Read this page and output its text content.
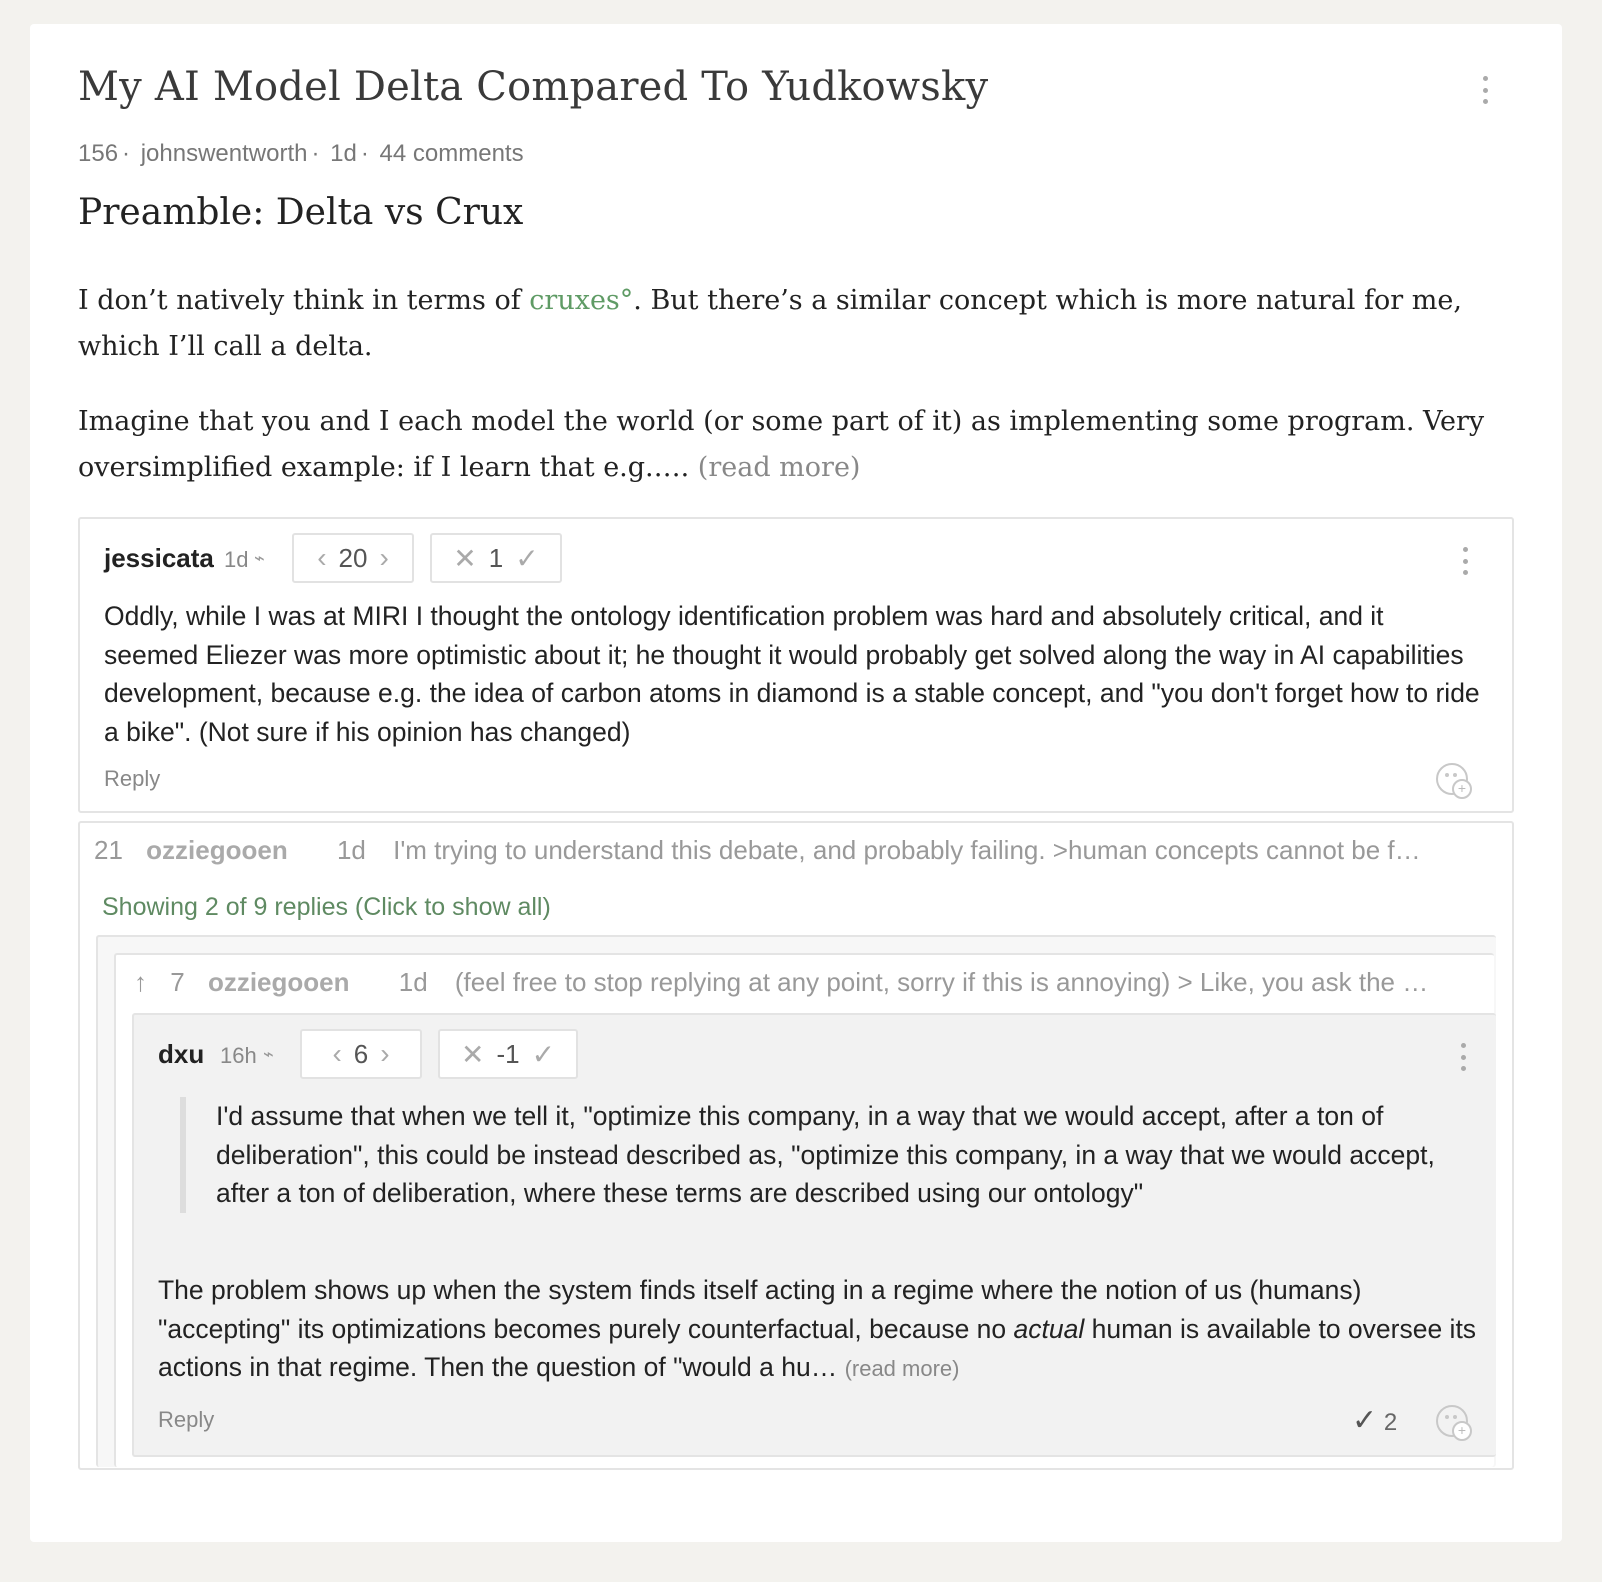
My AI Model Delta Compared To Yudkowsky
156 · johnswentworth · 1d · 44 comments
Preamble: Delta vs Crux

I don’t natively think in terms of cruxes°. But there’s a similar concept which is more natural for me, which I’ll call a delta.

Imagine that you and I each model the world (or some part of it) as implementing some program. Very oversimplified example: if I learn that e.g.…. (read more)

jessicata 1d ⌁ ‹ 20 › ✕ 1 ✓

Oddly, while I was at MIRI I thought the ontology identification problem was hard and absolutely critical, and it seemed Eliezer was more optimistic about it; he thought it would probably get solved along the way in AI capabilities development, because e.g. the idea of carbon atoms in diamond is a stable concept, and "you don't forget how to ride a bike". (Not sure if his opinion has changed)

Reply	+
21 ozziegooen 1d I'm trying to understand this debate, and probably failing. >human concepts cannot be f…
Showing 2 of 9 replies (Click to show all)
↑ 7 ozziegooen 1d (feel free to stop replying at any point, sorry if this is annoying) > Like, you ask the …
dxu 16h ⌁ ‹ 6 ›	✕ -1 ✓
I'd assume that when we tell it, "optimize this company, in a way that we would accept, after a ton of deliberation", this could be instead described as, "optimize this company, in a way that we would accept, after a ton of deliberation, where these terms are described using our ontology"

The problem shows up when the system finds itself acting in a regime where the notion of us (humans) "accepting" its optimizations becomes purely counterfactual, because no actual human is available to oversee its actions in that regime. Then the question of "would a hu… (read more)

Reply	✓ 2	+
